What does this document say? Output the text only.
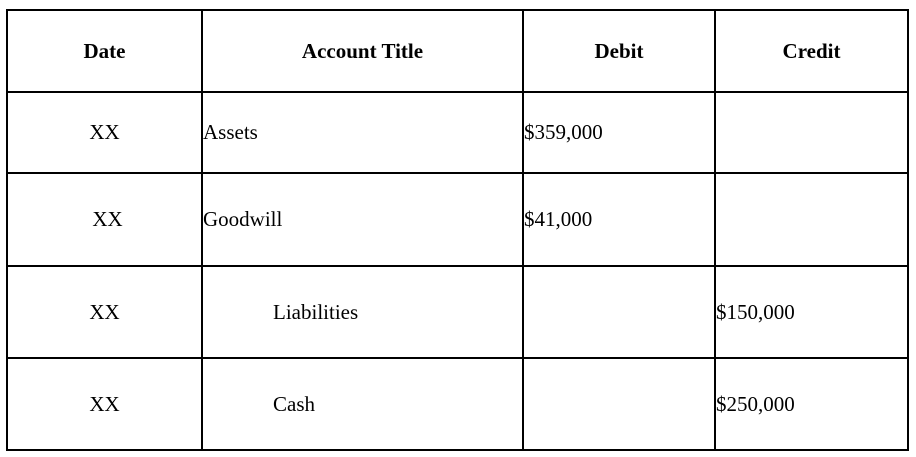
Date	Account Title	Debit	Credit
XX	Assets	$359,000	
XX	Goodwill	$41,000	
XX	Liabilities		$150,000
XX	Cash		$250,000
